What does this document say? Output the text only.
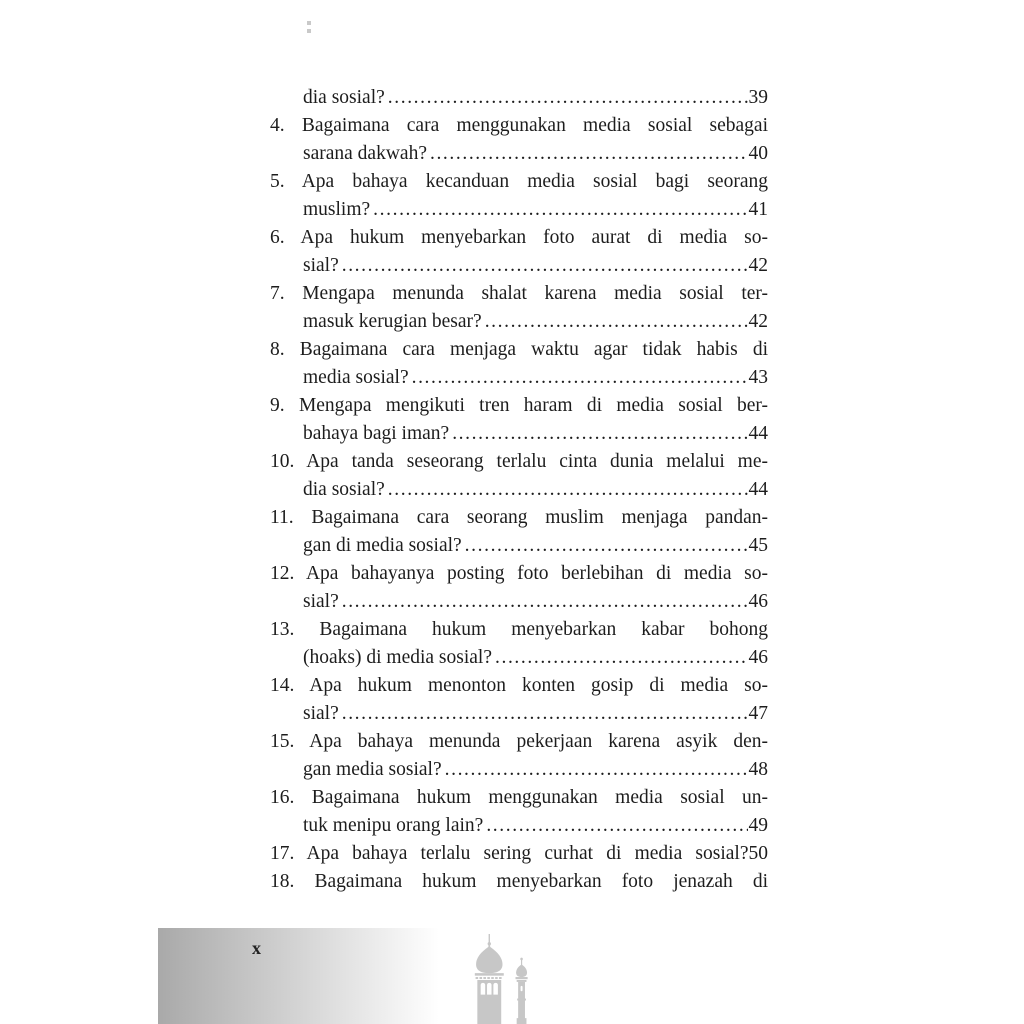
dia sosial? .....	39
4. Bagaimana cara menggunakan media sosial sebagai
sarana dakwah? .....	40
5. Apa bahaya kecanduan media sosial bagi seorang
muslim? .....	41
6. Apa hukum menyebarkan foto aurat di media so-
sial? .....	42
7. Mengapa menunda shalat karena media sosial ter-
masuk kerugian besar? .....	42
8. Bagaimana cara menjaga waktu agar tidak habis di
media sosial? .....	43
9. Mengapa mengikuti tren haram di media sosial ber-
bahaya bagi iman? .....	44
10. Apa tanda seseorang terlalu cinta dunia melalui me-
dia sosial? .....	44
11. Bagaimana cara seorang muslim menjaga pandan-
gan di media sosial? .....	45
12. Apa bahayanya posting foto berlebihan di media so-
sial? .....	46
13. Bagaimana hukum menyebarkan kabar bohong
(hoaks) di media sosial? .....	46
14. Apa hukum menonton konten gosip di media so-
sial? .....	47
15. Apa bahaya menunda pekerjaan karena asyik den-
gan media sosial? .....	48
16. Bagaimana hukum menggunakan media sosial un-
tuk menipu orang lain? .....	49
17. Apa bahaya terlalu sering curhat di media sosial?50
18. Bagaimana hukum menyebarkan foto jenazah di
x
